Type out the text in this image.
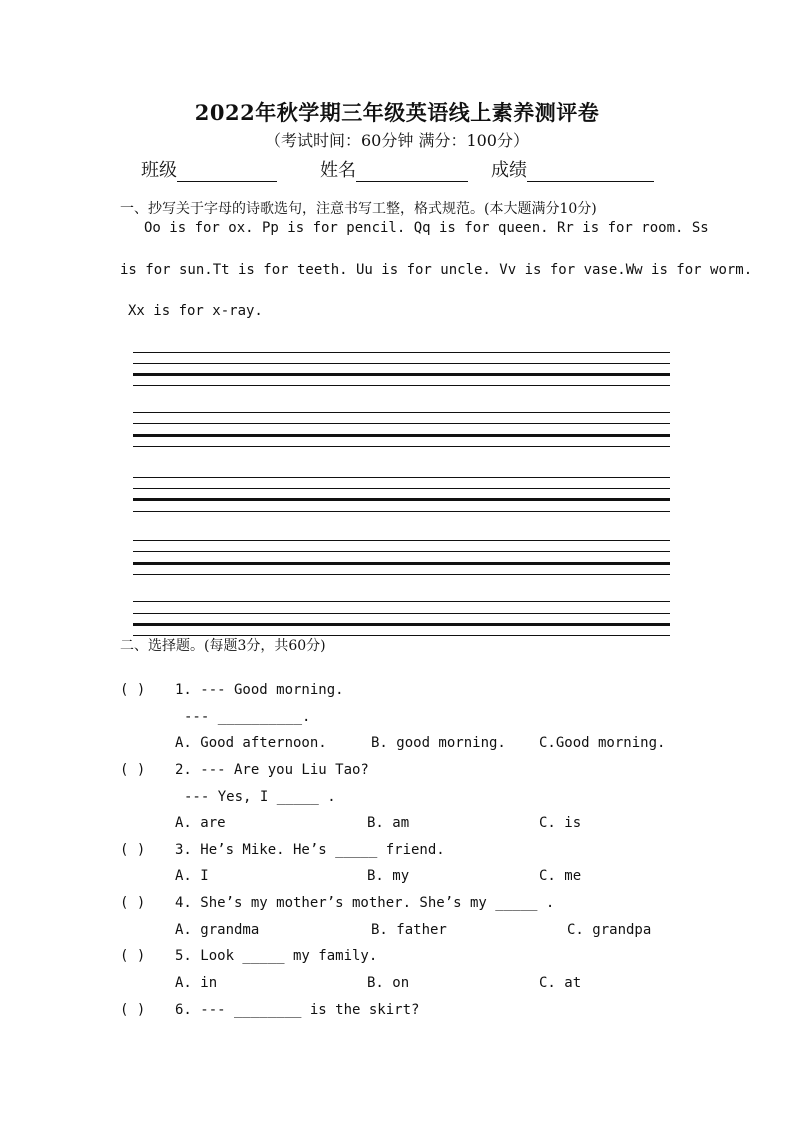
2022年秋学期三年级英语线上素养测评卷
（考试时间：60分钟 满分：100分）
班级	姓名	成绩
一、抄写关于字母的诗歌选句，注意书写工整，格式规范。(本大题满分10分)
Oo is for ox. Pp is for pencil. Qq is for queen. Rr is for room. Ss
is for sun.Tt is for teeth. Uu is for uncle. Vv is for vase.Ww is for worm.
Xx is for x-ray.
二、选择题。(每题3分，共60分)
( ) 1. --- Good morning.
--- __________.
A. Good afternoon.	B. good morning. C.Good morning.
( ) 2. --- Are you Liu Tao?
--- Yes, I _____ .
A. are	B. am	C. is
( ) 3. He’s Mike. He’s _____ friend.
A. I	B. my	C. me
( ) 4. She’s my mother’s mother. She’s my _____ .
A. grandma	B. father	C. grandpa
( ) 5. Look _____ my family.
A. in	B. on	C. at
( ) 6. --- ________ is the skirt?
